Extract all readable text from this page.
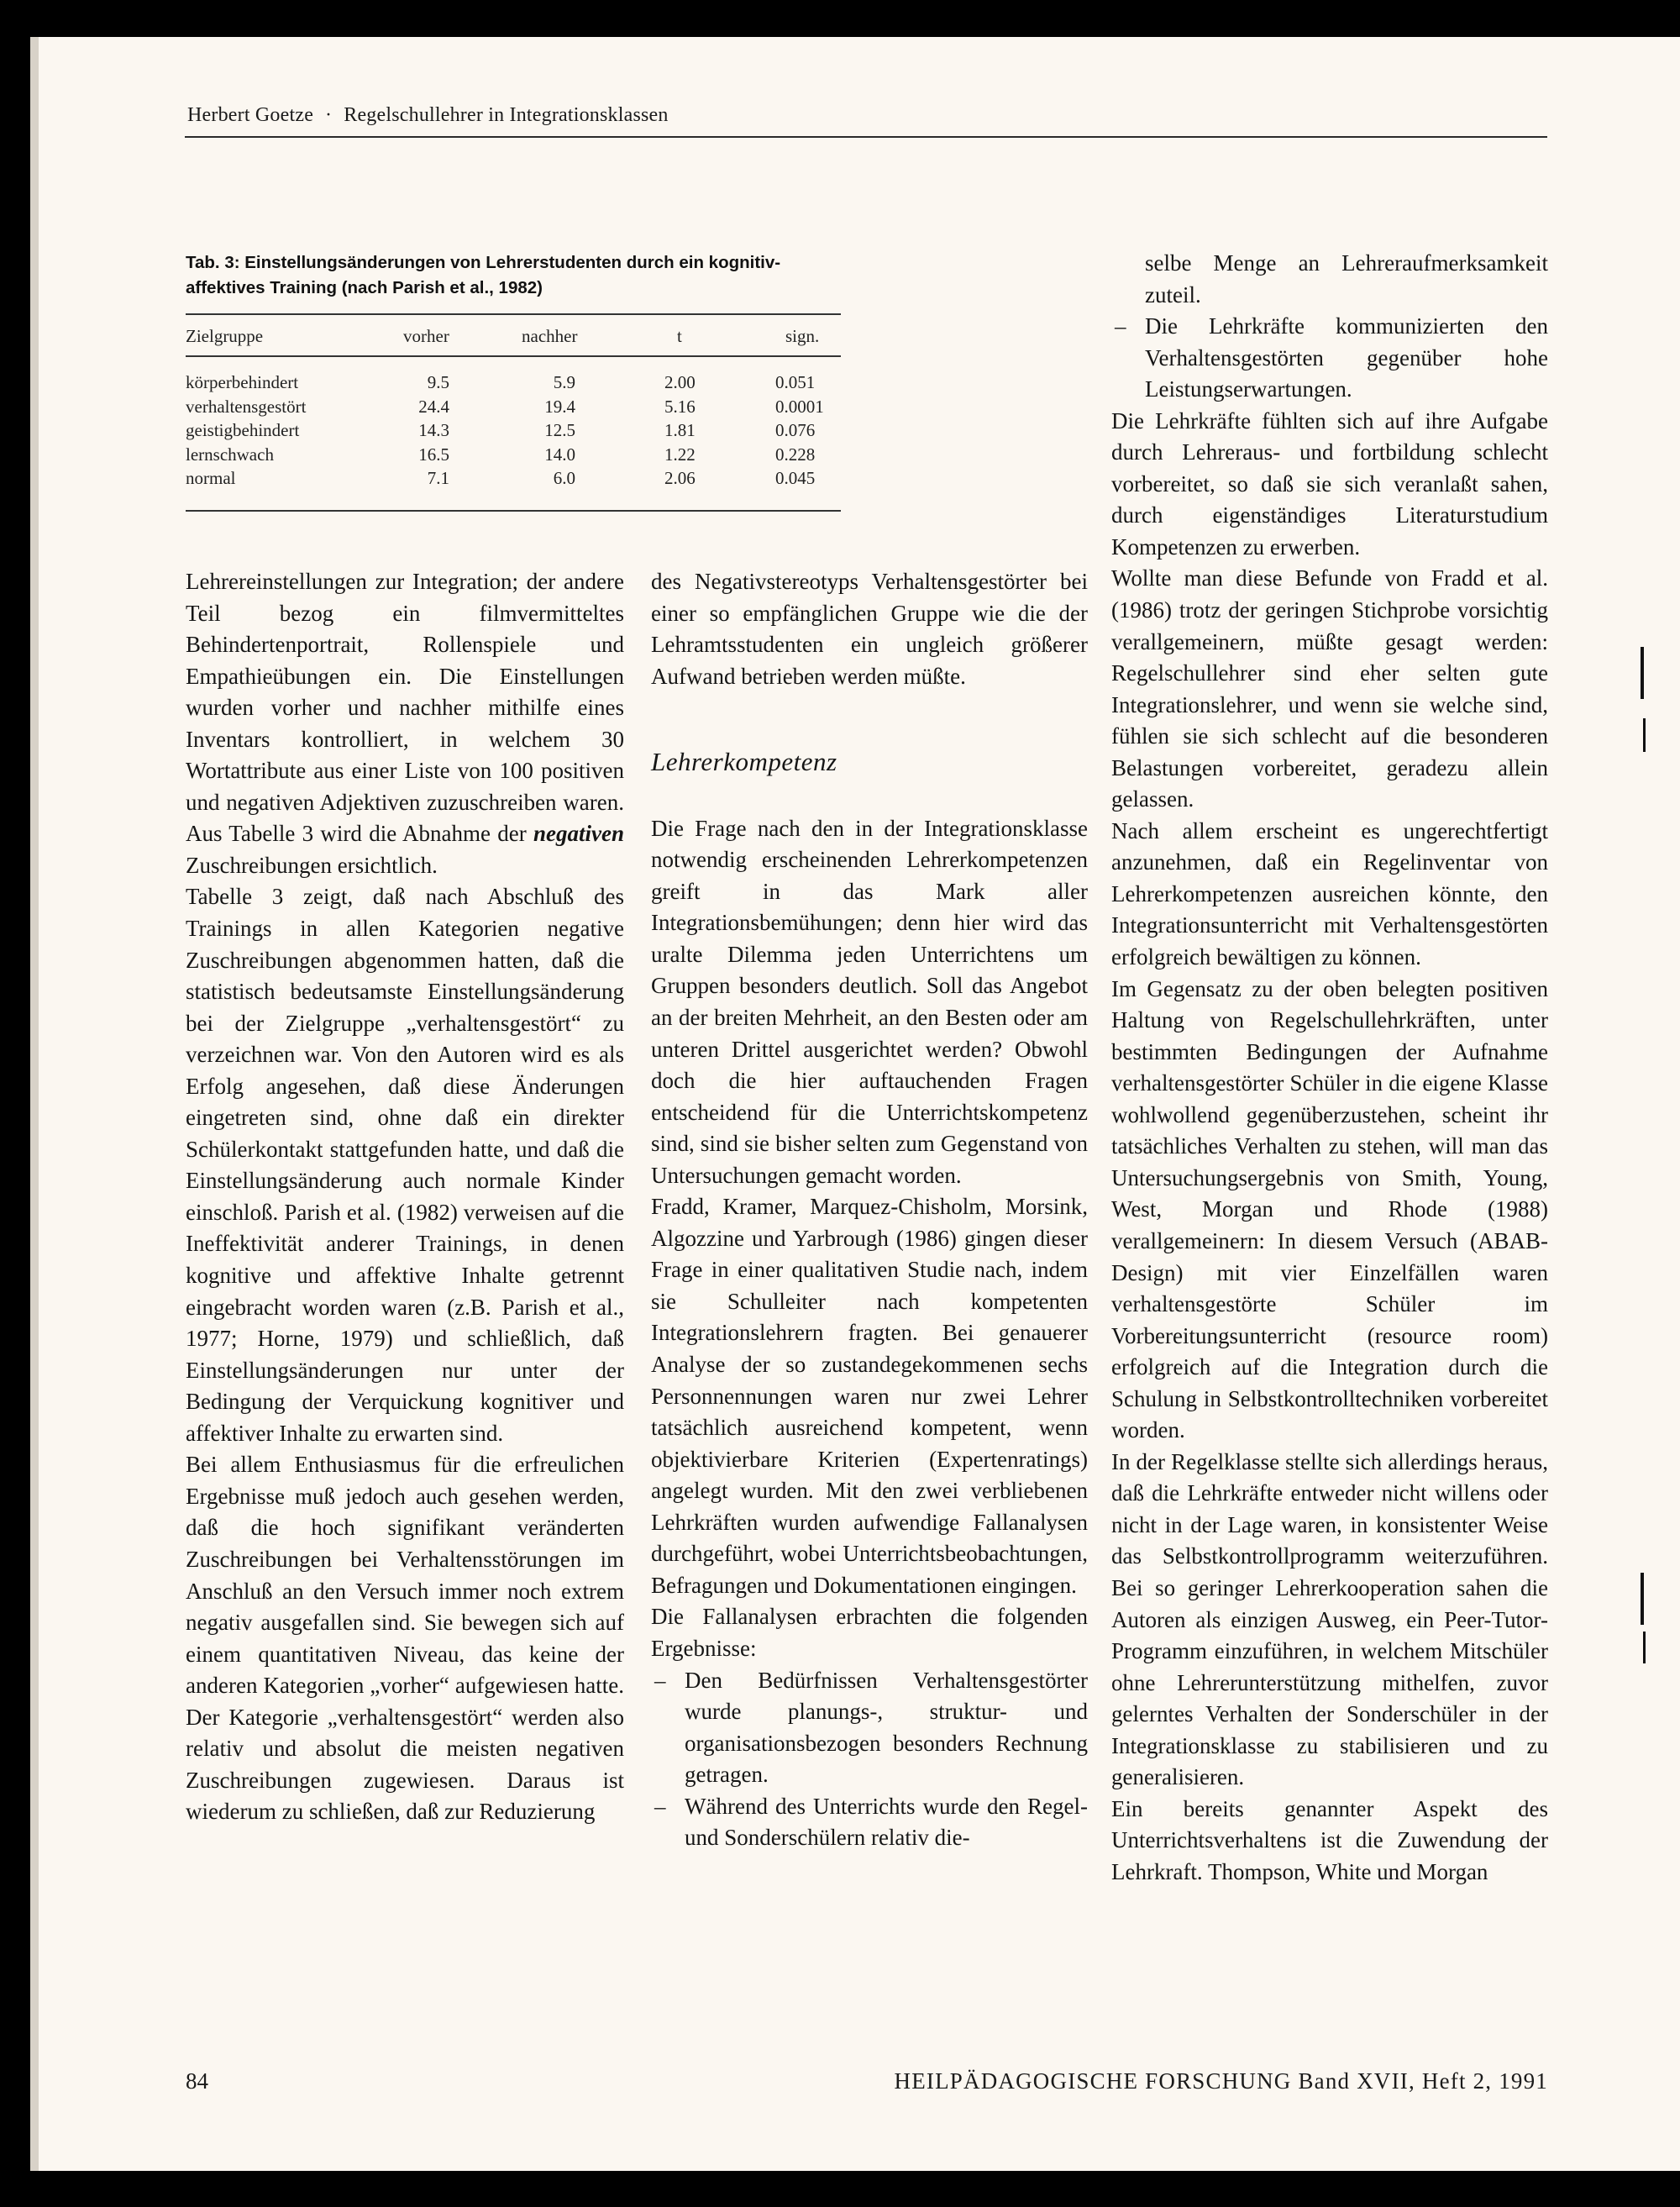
Herbert Goetze · Regelschullehrer in Integrationsklassen
Tab. 3: Einstellungsänderungen von Lehrerstudenten durch ein kognitiv-affektives Training (nach Parish et al., 1982)
Zielgruppe	vorher	nachher	t	sign.
körperbehindert	9.5	5.9	2.00	0.051
verhaltensgestört	24.4	19.4	5.16	0.0001
geistigbehindert	14.3	12.5	1.81	0.076
lernschwach	16.5	14.0	1.22	0.228
normal	7.1	6.0	2.06	0.045

Lehrereinstellungen zur Integration; der andere Teil bezog ein filmvermitteltes Behindertenportrait, Rollenspiele und Empathieübungen ein. Die Einstellungen wurden vorher und nachher mithilfe eines Inventars kontrolliert, in welchem 30 Wortattribute aus einer Liste von 100 positiven und negativen Adjektiven zuzuschreiben waren. Aus Tabelle 3 wird die Abnahme der negativen Zuschreibungen ersichtlich.

Tabelle 3 zeigt, daß nach Abschluß des Trainings in allen Kategorien negative Zuschreibungen abgenommen hatten, daß die statistisch bedeutsamste Einstellungsänderung bei der Zielgruppe „verhaltensgestört“ zu verzeichnen war. Von den Autoren wird es als Erfolg angesehen, daß diese Änderungen eingetreten sind, ohne daß ein direkter Schülerkontakt stattgefunden hatte, und daß die Einstellungsänderung auch normale Kinder einschloß. Parish et al. (1982) verweisen auf die Ineffektivität anderer Trainings, in denen kognitive und affektive Inhalte getrennt eingebracht worden waren (z.B. Parish et al., 1977; Horne, 1979) und schließlich, daß Einstellungsänderungen nur unter der Bedingung der Verquickung kognitiver und affektiver Inhalte zu erwarten sind.

Bei allem Enthusiasmus für die erfreulichen Ergebnisse muß jedoch auch gesehen werden, daß die hoch signifikant veränderten Zuschreibungen bei Verhaltensstörungen im Anschluß an den Versuch immer noch extrem negativ ausgefallen sind. Sie bewegen sich auf einem quantitativen Niveau, das keine der anderen Kategorien „vorher“ aufgewiesen hatte. Der Kategorie „verhaltensgestört“ werden also relativ und absolut die meisten negativen Zuschreibungen zugewiesen. Daraus ist wiederum zu schließen, daß zur Reduzierung

des Negativstereotyps Verhaltensgestörter bei einer so empfänglichen Gruppe wie die der Lehramtsstudenten ein ungleich größerer Aufwand betrieben werden müßte.

Lehrerkompetenz

Die Frage nach den in der Integrationsklasse notwendig erscheinenden Lehrerkompetenzen greift in das Mark aller Integrationsbemühungen; denn hier wird das uralte Dilemma jeden Unterrichtens um Gruppen besonders deutlich. Soll das Angebot an der breiten Mehrheit, an den Besten oder am unteren Drittel ausgerichtet werden? Obwohl doch die hier auftauchenden Fragen entscheidend für die Unterrichtskompetenz sind, sind sie bisher selten zum Gegenstand von Untersuchungen gemacht worden.

Fradd, Kramer, Marquez-Chisholm, Morsink, Algozzine und Yarbrough (1986) gingen dieser Frage in einer qualitativen Studie nach, indem sie Schulleiter nach kompetenten Integrationslehrern fragten. Bei genauerer Analyse der so zustandegekommenen sechs Personnennungen waren nur zwei Lehrer tatsächlich ausreichend kompetent, wenn objektivierbare Kriterien (Expertenratings) angelegt wurden. Mit den zwei verbliebenen Lehrkräften wurden aufwendige Fallanalysen durchgeführt, wobei Unterrichtsbeobachtungen, Befragungen und Dokumentationen eingingen.

Die Fallanalysen erbrachten die folgenden Ergebnisse:

– Den Bedürfnissen Verhaltensgestörter wurde planungs-, struktur- und organisationsbezogen besonders Rechnung getragen.

– Während des Unterrichts wurde den Regel- und Sonderschülern relativ die-

selbe Menge an Lehreraufmerksamkeit zuteil.

– Die Lehrkräfte kommunizierten den Verhaltensgestörten gegenüber hohe Leistungserwartungen.

Die Lehrkräfte fühlten sich auf ihre Aufgabe durch Lehreraus- und fortbildung schlecht vorbereitet, so daß sie sich veranlaßt sahen, durch eigenständiges Literaturstudium Kompetenzen zu erwerben.

Wollte man diese Befunde von Fradd et al. (1986) trotz der geringen Stichprobe vorsichtig verallgemeinern, müßte gesagt werden: Regelschullehrer sind eher selten gute Integrationslehrer, und wenn sie welche sind, fühlen sie sich schlecht auf die besonderen Belastungen vorbereitet, geradezu allein gelassen.

Nach allem erscheint es ungerechtfertigt anzunehmen, daß ein Regelinventar von Lehrerkompetenzen ausreichen könnte, den Integrationsunterricht mit Verhaltensgestörten erfolgreich bewältigen zu können.

Im Gegensatz zu der oben belegten positiven Haltung von Regelschullehrkräften, unter bestimmten Bedingungen der Aufnahme verhaltensgestörter Schüler in die eigene Klasse wohlwollend gegenüberzustehen, scheint ihr tatsächliches Verhalten zu stehen, will man das Untersuchungsergebnis von Smith, Young, West, Morgan und Rhode (1988) verallgemeinern: In diesem Versuch (ABAB-Design) mit vier Einzelfällen waren verhaltensgestörte Schüler im Vorbereitungsunterricht (resource room) erfolgreich auf die Integration durch die Schulung in Selbstkontrolltechniken vorbereitet worden.

In der Regelklasse stellte sich allerdings heraus, daß die Lehrkräfte entweder nicht willens oder nicht in der Lage waren, in konsistenter Weise das Selbstkontrollprogramm weiterzuführen. Bei so geringer Lehrerkooperation sahen die Autoren als einzigen Ausweg, ein Peer-Tutor-Programm einzuführen, in welchem Mitschüler ohne Lehrerunterstützung mithelfen, zuvor gelerntes Verhalten der Sonderschüler in der Integrationsklasse zu stabilisieren und zu generalisieren.

Ein bereits genannter Aspekt des Unterrichtsverhaltens ist die Zuwendung der Lehrkraft. Thompson, White und Morgan

84	HEILPÄDAGOGISCHE FORSCHUNG Band XVII, Heft 2, 1991
